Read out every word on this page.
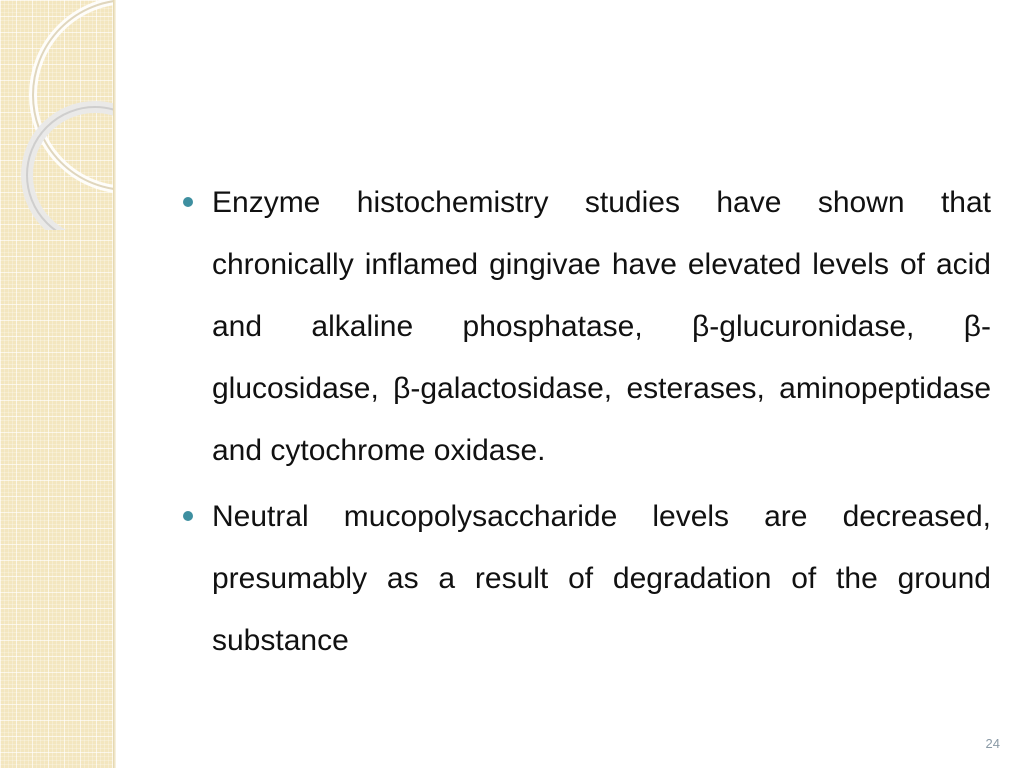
Enzyme histochemistry studies have shown that chronically inflamed gingivae have elevated levels of acid and alkaline phosphatase, β-glucuronidase, β-glucosidase, β-galactosidase, esterases, aminopeptidase and cytochrome oxidase.
Neutral mucopolysaccharide levels are decreased, presumably as a result of degradation of the ground substance
24
